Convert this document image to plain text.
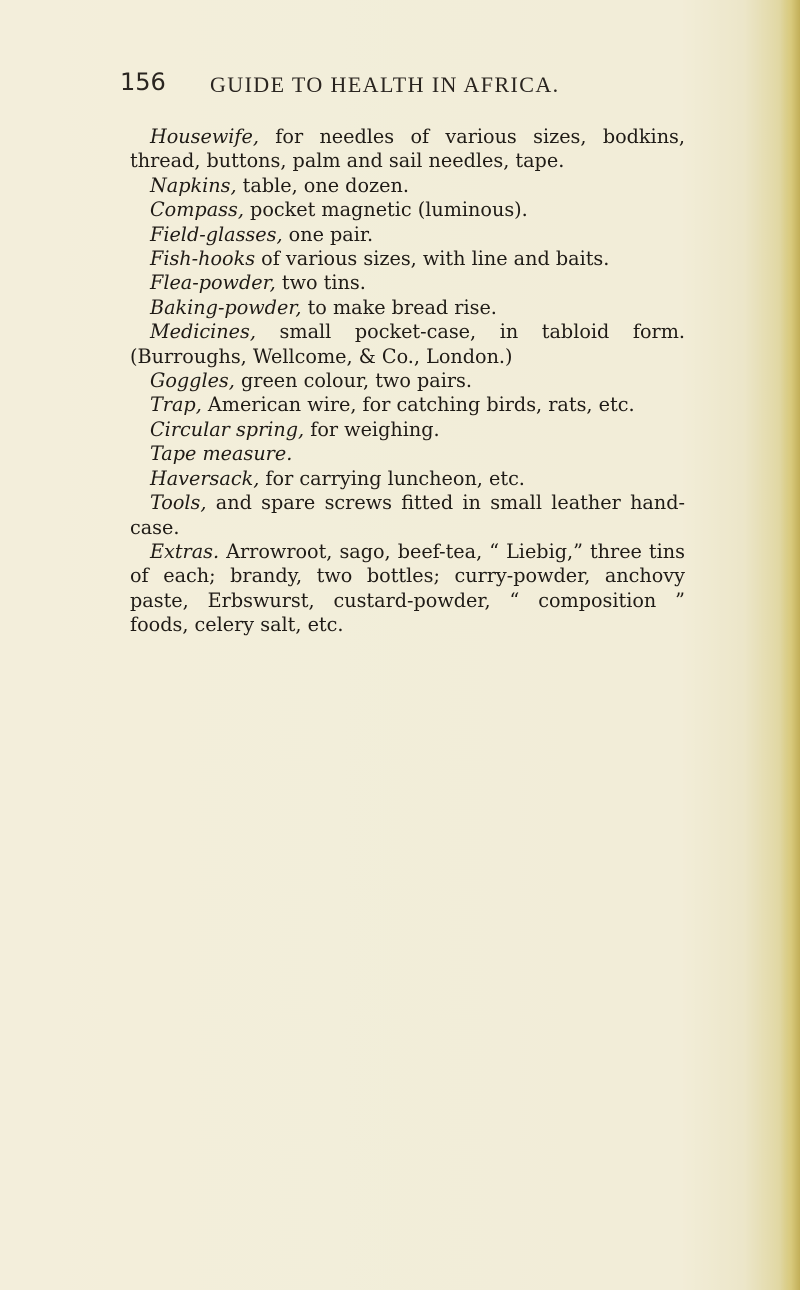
156 GUIDE TO HEALTH IN AFRICA.

Housewife, for needles of various sizes, bodkins, thread, buttons, palm and sail needles, tape.

Napkins, table, one dozen.

Compass, pocket magnetic (luminous).

Field-glasses, one pair.

Fish-hooks of various sizes, with line and baits.

Flea-powder, two tins.

Baking-powder, to make bread rise.

Medicines, small pocket-case, in tabloid form. (Burroughs, Wellcome, & Co., London.)

Goggles, green colour, two pairs.

Trap, American wire, for catching birds, rats, etc.

Circular spring, for weighing.

Tape measure.

Haversack, for carrying luncheon, etc.

Tools, and spare screws fitted in small leather hand-case.

Extras. Arrowroot, sago, beef-tea, “ Liebig,” three tins of each; brandy, two bottles; curry-powder, anchovy paste, Erbswurst, custard-powder, “ composition ” foods, celery salt, etc.
